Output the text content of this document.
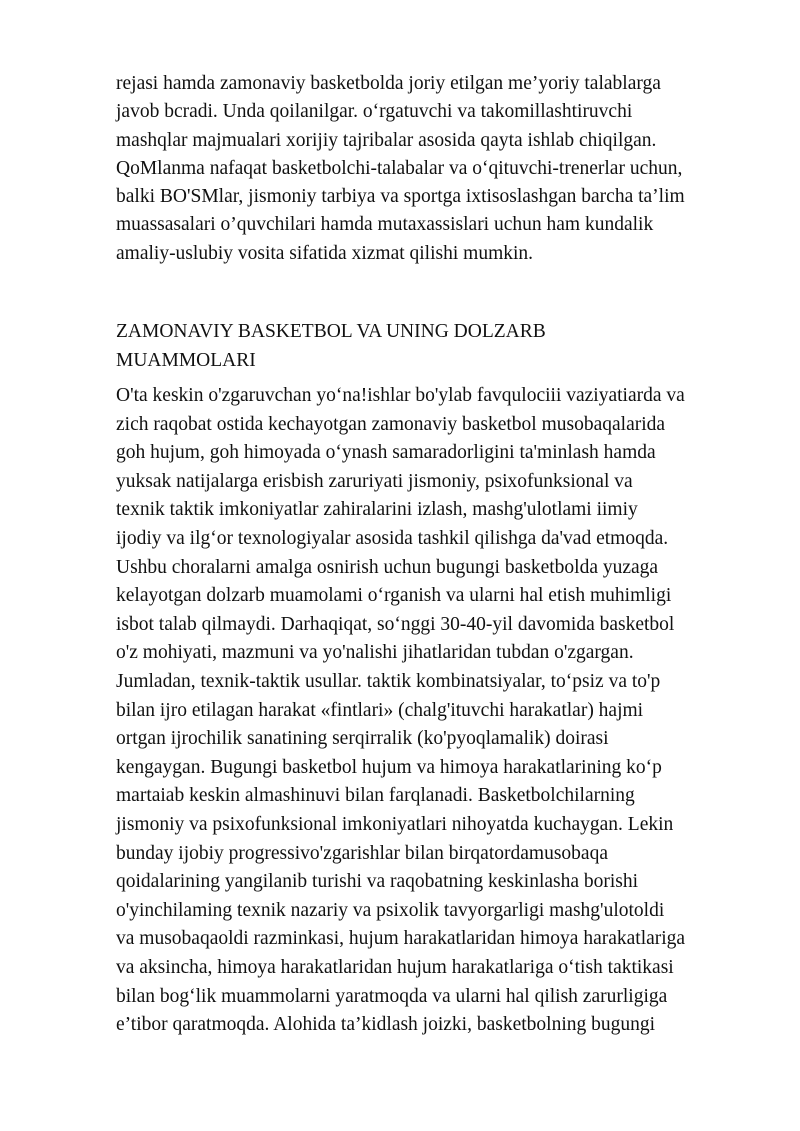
rejasi hamda zamonaviy basketbolda joriy etilgan me’yoriy talablarga
javob bcradi. Unda qoilanilgar. o‘rgatuvchi va takomillashtiruvchi
mashqlar majmualari xorijiy tajribalar asosida qayta ishlab chiqilgan.
QoMlanma nafaqat basketbolchi-talabalar va o‘qituvchi-trenerlar uchun,
balki BO'SMlar, jismoniy tarbiya va sportga ixtisoslashgan barcha ta’lim
muassasalari o’quvchilari hamda mutaxassislari uchun ham kundalik
amaliy-uslubiy vosita sifatida xizmat qilishi mumkin.

ZAMONAVIY BASKETBOL VA UNING DOLZARB
MUAMMOLARI

O'ta keskin o'zgaruvchan yo‘na!ishlar bo'ylab favqulociii vaziyatiarda va
zich raqobat ostida kechayotgan zamonaviy basketbol musobaqalarida
goh hujum, goh himoyada o‘ynash samaradorligini ta'minlash hamda
yuksak natijalarga erisbish zaruriyati jismoniy, psixofunksional va
texnik taktik imkoniyatlar zahiralarini izlash, mashg'ulotlami iimiy
ijodiy va ilg‘or texnologiyalar asosida tashkil qilishga da'vad etmoqda.
Ushbu choralarni amalga osnirish uchun bugungi basketbolda yuzaga
kelayotgan dolzarb muamolami o‘rganish va ularni hal etish muhimligi
isbot talab qilmaydi. Darhaqiqat, so‘nggi 30-40-yil davomida basketbol
o'z mohiyati, mazmuni va yo'nalishi jihatlaridan tubdan o'zgargan.
Jumladan, texnik-taktik usullar. taktik kombinatsiyalar, to‘psiz va to'p
bilan ijro etilagan harakat «fintlari» (chalg'ituvchi harakatlar) hajmi
ortgan ijrochilik sanatining serqirralik (ko'pyoqlamalik) doirasi
kengaygan. Bugungi basketbol hujum va himoya harakatlarining ko‘p
martaiab keskin almashinuvi bilan farqlanadi. Basketbolchilarning
jismoniy va psixofunksional imkoniyatlari nihoyatda kuchaygan. Lekin
bunday ijobiy progressivo'zgarishlar bilan birqatordamusobaqa
qoidalarining yangilanib turishi va raqobatning keskinlasha borishi
o'yinchilaming texnik nazariy va psixolik tavyorgarligi mashg'ulotoldi
va musobaqaoldi razminkasi, hujum harakatlaridan himoya harakatlariga
va aksincha, himoya harakatlaridan hujum harakatlariga o‘tish taktikasi
bilan bog‘lik muammolarni yaratmoqda va ularni hal qilish zarurligiga
e’tibor qaratmoqda. Alohida ta’kidlash joizki, basketbolning bugungi
